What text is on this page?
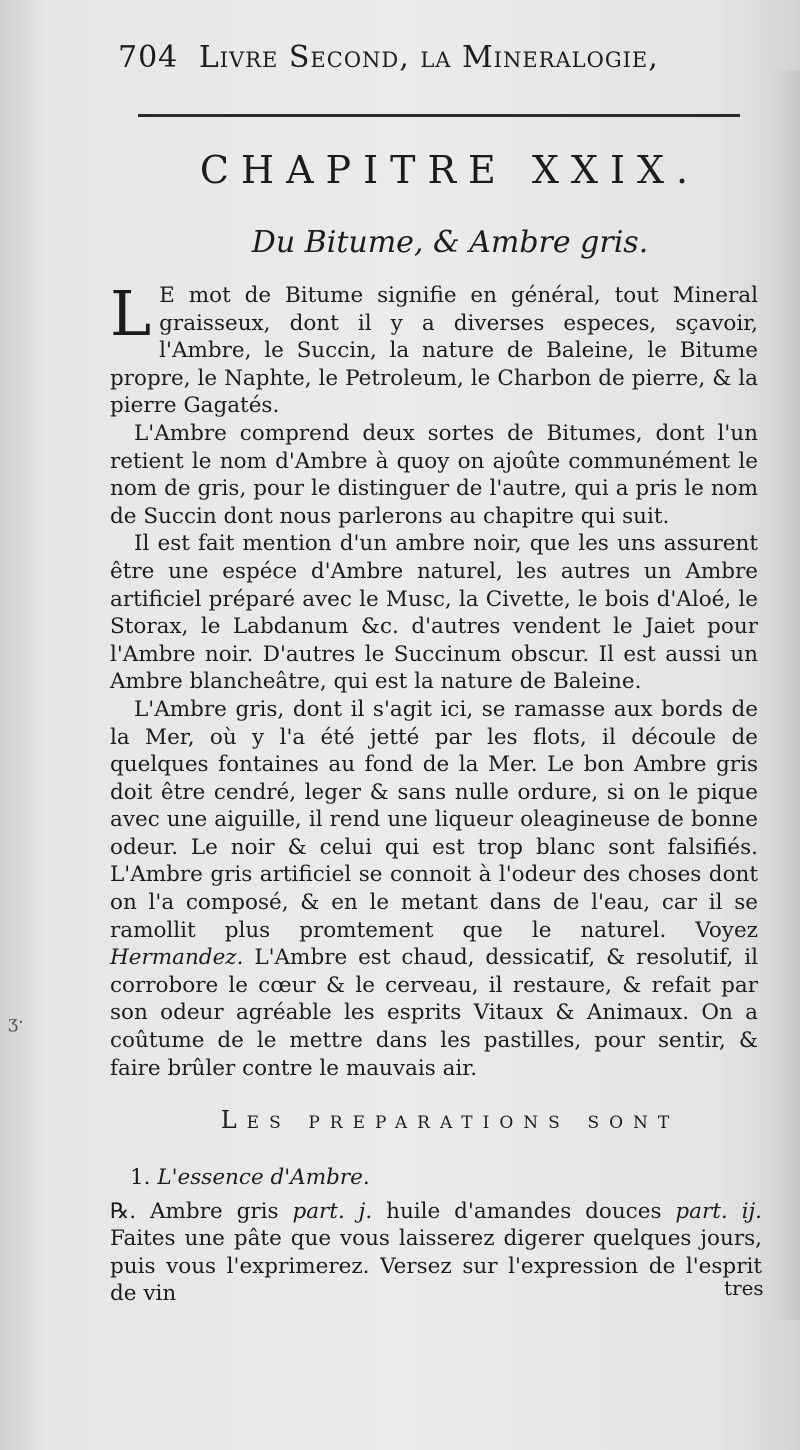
704 Livre Second, la Mineralogie,
CHAPITRE XXIX.
Du Bitume, & Ambre gris.

L E mot de Bitume signifie en général, tout Mineral graisseux, dont il y a diverses especes, sçavoir, l'Ambre, le Succin, la nature de Baleine, le Bitume propre, le Naphte, le Petroleum, le Charbon de pierre, & la pierre Gagatés.

L'Ambre comprend deux sortes de Bitumes, dont l'un retient le nom d'Ambre à quoy on ajoûte communément le nom de gris, pour le distinguer de l'autre, qui a pris le nom de Succin dont nous parlerons au chapitre qui suit.

Il est fait mention d'un ambre noir, que les uns assurent être une espéce d'Ambre naturel, les autres un Ambre artificiel préparé avec le Musc, la Civette, le bois d'Aloé, le Storax, le Labdanum &c. d'autres vendent le Jaiet pour l'Ambre noir. D'autres le Succinum obscur. Il est aussi un Ambre blancheâtre, qui est la nature de Baleine.

L'Ambre gris, dont il s'agit ici, se ramasse aux bords de la Mer, où y l'a été jetté par les flots, il découle de quelques fontaines au fond de la Mer. Le bon Ambre gris doit être cendré, leger & sans nulle ordure, si on le pique avec une aiguille, il rend une liqueur oleagineuse de bonne odeur. Le noir & celui qui est trop blanc sont falsifiés. L'Ambre gris artificiel se connoit à l'odeur des choses dont on l'a composé, & en le metant dans de l'eau, car il se ramollit plus promtement que le naturel. Voyez Hermandez. L'Ambre est chaud, dessicatif, & resolutif, il corrobore le cœur & le cerveau, il restaure, & refait par son odeur agréable les esprits Vitaux & Animaux. On a coûtume de le mettre dans les pastilles, pour sentir, & faire brûler contre le mauvais air.

Les preparations sont

1. L'essence d'Ambre.

℞. Ambre gris part. j. huile d'amandes douces part. ij. Faites une pâte que vous laisserez digerer quelques jours, puis vous l'exprimerez. Versez sur l'expression de l'esprit de vin	tres
ʒ·
